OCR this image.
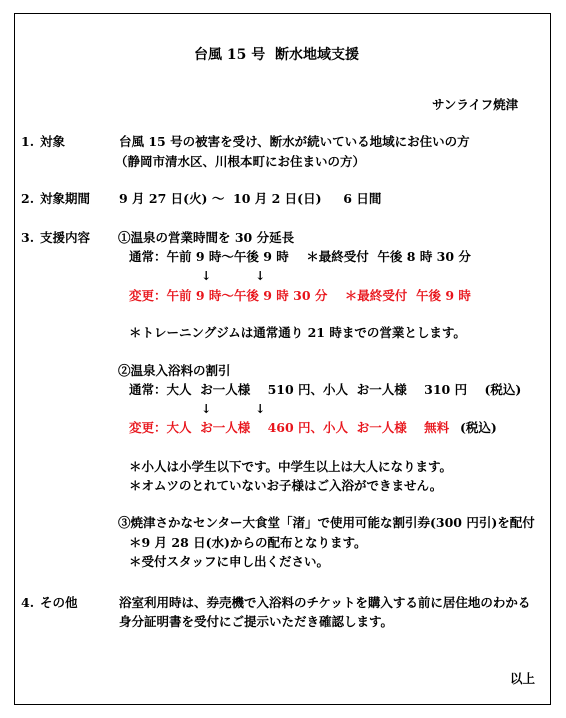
台風 15 号  断水地域支援
サンライフ焼津
1. 対象	台風 15 号の被害を受け、断水が続いている地域にお住いの方
（静岡市清水区、川根本町にお住まいの方）
2. 対象期間 9 月 27 日(火) ～  10 月 2 日(日)     6 日間
3. 支援内容 ①温泉の営業時間を 30 分延長
通常：午前 9 時～午後 9 時    ＊最終受付  午後 8 時 30 分
↓          ↓
変更：午前 9 時～午後 9 時 30 分    ＊最終受付  午後 9 時
＊トレーニングジムは通常通り 21 時までの営業とします。
②温泉入浴料の割引
通常：大人  お一人様    510 円、小人  お一人様    310 円    (税込)
↓          ↓
変更：大人  お一人様    460 円、小人  お一人様    無料 (税込)
＊小人は小学生以下です。中学生以上は大人になります。
＊オムツのとれていないお子様はご入浴ができません。
③焼津さかなセンター大食堂「渚」で使用可能な割引券(300 円引)を配付
＊9 月 28 日(水)からの配布となります。
＊受付スタッフに申し出ください。
4. その他	浴室利用時は、券売機で入浴料のチケットを購入する前に居住地のわかる
身分証明書を受付にご提示いただき確認します。
以上
